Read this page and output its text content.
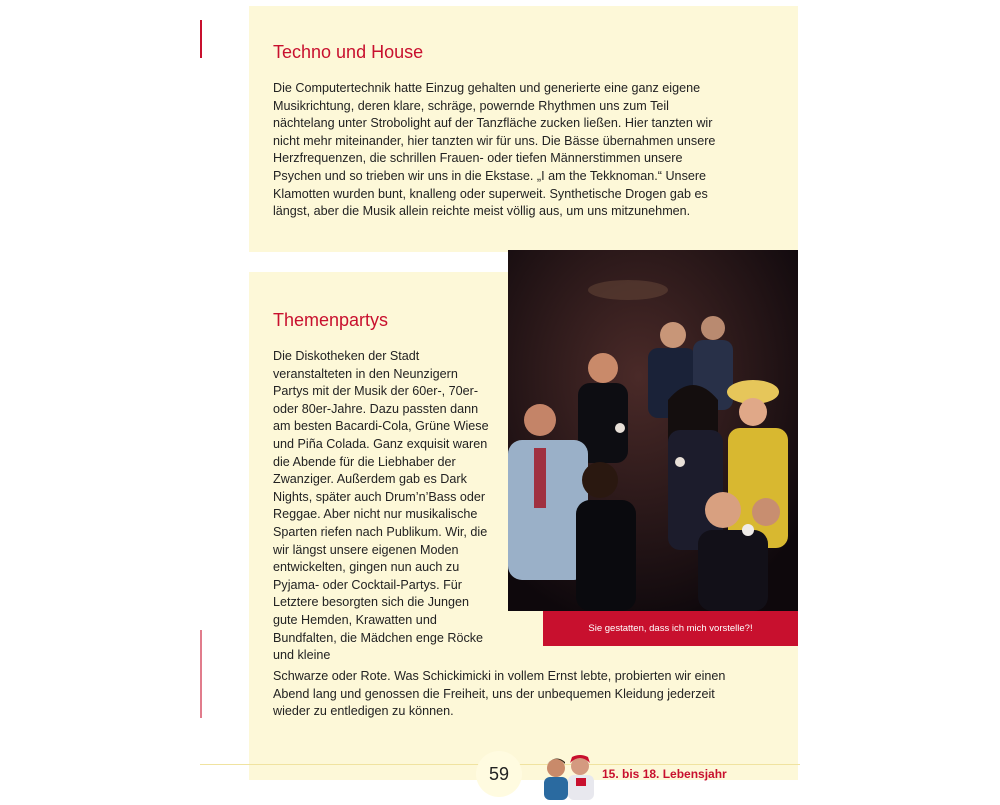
Techno und House

Die Computertechnik hatte Einzug gehalten und generierte eine ganz eigene Musikrichtung, deren klare, schräge, powernde Rhythmen uns zum Teil nächtelang unter Strobolight auf der Tanzfläche zucken ließen. Hier tanzten wir nicht mehr miteinander, hier tanzten wir für uns. Die Bässe übernahmen unsere Herzfrequenzen, die schrillen Frauen- oder tiefen Männerstimmen unsere Psychen und so trieben wir uns in die Ekstase. „I am the Tekknoman.“ Unsere Klamotten wurden bunt, knalleng oder superweit. Synthetische Drogen gab es längst, aber die Musik allein reichte meist völlig aus, um uns mitzunehmen.

Themenpartys

Die Diskotheken der Stadt veranstalteten in den Neunzigern Partys mit der Musik der 60er-, 70er- oder 80er-Jahre. Dazu passten dann am besten Bacardi-Cola, Grüne Wiese und Piña Colada. Ganz exquisit waren die Abende für die Liebhaber der Zwanziger. Außerdem gab es Dark Nights, später auch Drum’n’Bass oder Reggae. Aber nicht nur musikalische Sparten riefen nach Publikum. Wir, die wir längst unsere eigenen Moden entwickelten, gingen nun auch zu Pyjama- oder Cocktail-Partys. Für Letztere besorgten sich die Jungen gute Hemden, Krawatten und Bundfalten, die Mädchen enge Röcke und kleine

Schwarze oder Rote. Was Schickimicki in vollem Ernst lebte, probierten wir einen Abend lang und genossen die Freiheit, uns der unbequemen Kleidung jederzeit wieder zu entledigen zu können.

Sie gestatten, dass ich mich vorstelle?!
59	15. bis 18. Lebensjahr
